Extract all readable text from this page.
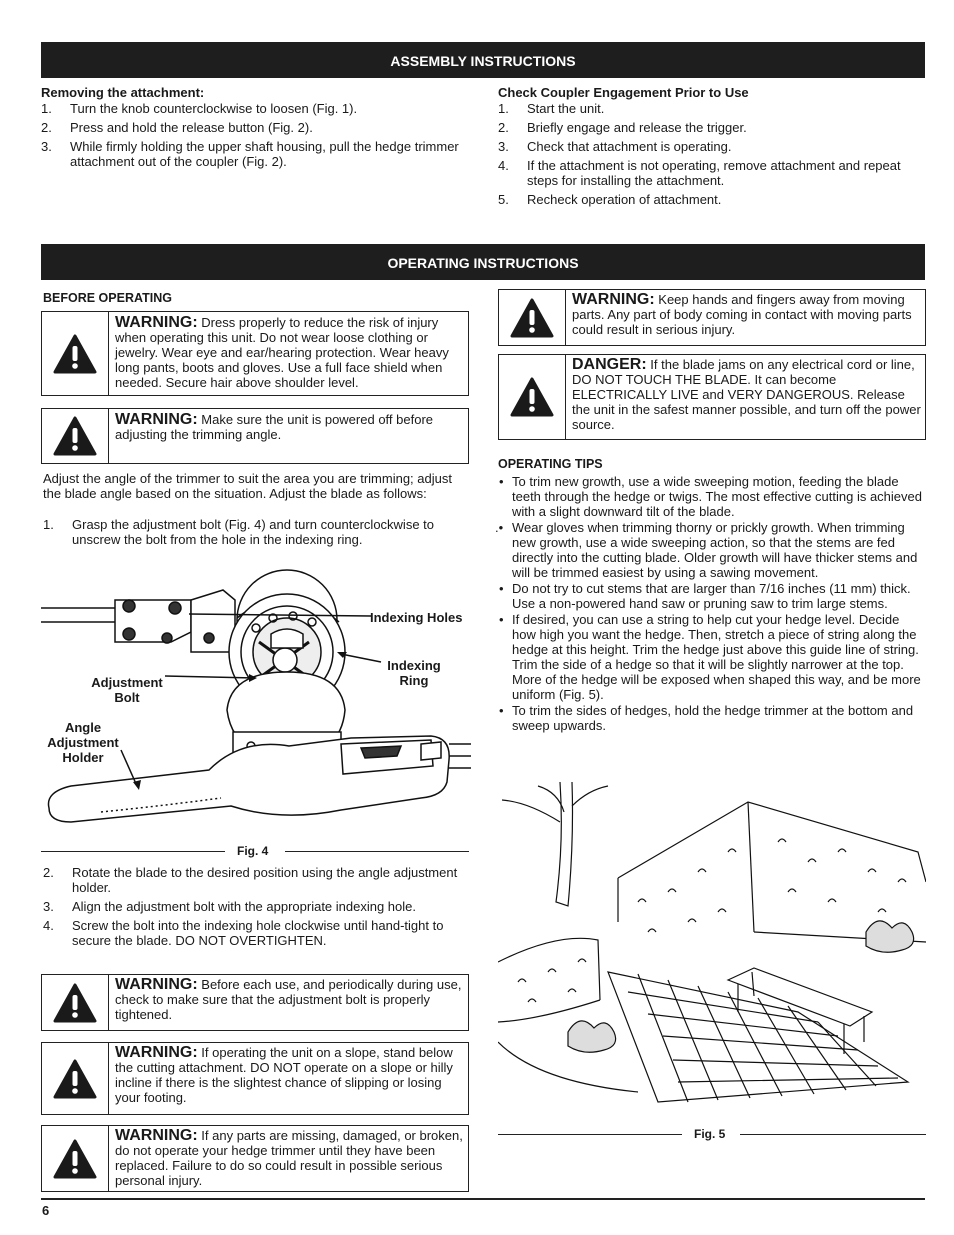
ASSEMBLY INSTRUCTIONS
Removing the attachment:
1. Turn the knob counterclockwise to loosen (Fig. 1).
2. Press and hold the release button (Fig. 2).
3. While firmly holding the upper shaft housing, pull the hedge trimmer attachment out of the coupler (Fig. 2).
Check Coupler Engagement Prior to Use
1. Start the unit.
2. Briefly engage and release the trigger.
3. Check that attachment is operating.
4. If the attachment is not operating, remove attachment and repeat steps for installing the attachment.
5. Recheck operation of attachment.
OPERATING INSTRUCTIONS
BEFORE OPERATING
WARNING: Dress properly to reduce the risk of injury when operating this unit. Do not wear loose clothing or jewelry. Wear eye and ear/hearing protection. Wear heavy long pants, boots and gloves. Use a full face shield when needed. Secure hair above shoulder level.
WARNING: Make sure the unit is powered off before adjusting the trimming angle.
Adjust the angle of the trimmer to suit the area you are trimming; adjust the blade angle based on the situation. Adjust the blade as follows:
1. Grasp the adjustment bolt (Fig. 4) and turn counterclockwise to unscrew the bolt from the hole in the indexing ring.
Indexing Holes
Indexing Ring
Adjustment Bolt
Angle Adjustment Holder
Fig. 4
2. Rotate the blade to the desired position using the angle adjustment holder.
3. Align the adjustment bolt with the appropriate indexing hole.
4. Screw the bolt into the indexing hole clockwise until hand-tight to secure the blade. DO NOT OVERTIGHTEN.
WARNING: Before each use, and periodically during use, check to make sure that the adjustment bolt is properly tightened.
WARNING: If operating the unit on a slope, stand below the cutting attachment. DO NOT operate on a slope or hilly incline if there is the slightest chance of slipping or losing your footing.
WARNING: If any parts are missing, damaged, or broken, do not operate your hedge trimmer until they have been replaced. Failure to do so could result in possible serious personal injury.
WARNING: Keep hands and fingers away from moving parts. Any part of body coming in contact with moving parts could result in serious injury.
DANGER: If the blade jams on any electrical cord or line, DO NOT TOUCH THE BLADE. It can become ELECTRICALLY LIVE and VERY DANGEROUS. Release the unit in the safest manner possible, and turn off the power source.
OPERATING TIPS
• To trim new growth, use a wide sweeping motion, feeding the blade teeth through the hedge or twigs. The most effective cutting is achieved with a slight downward tilt of the blade.
.• Wear gloves when trimming thorny or prickly growth. When trimming new growth, use a wide sweeping action, so that the stems are fed directly into the cutting blade. Older growth will have thicker stems and will be trimmed easiest by using a sawing movement.
• Do not try to cut stems that are larger than 7/16 inches (11 mm) thick. Use a non-powered hand saw or pruning saw to trim large stems.
• If desired, you can use a string to help cut your hedge level. Decide how high you want the hedge. Then, stretch a piece of string along the hedge at this height. Trim the hedge just above this guide line of string. Trim the side of a hedge so that it will be slightly narrower at the top. More of the hedge will be exposed when shaped this way, and be more uniform (Fig. 5).
• To trim the sides of hedges, hold the hedge trimmer at the bottom and sweep upwards.
Fig. 5
6
